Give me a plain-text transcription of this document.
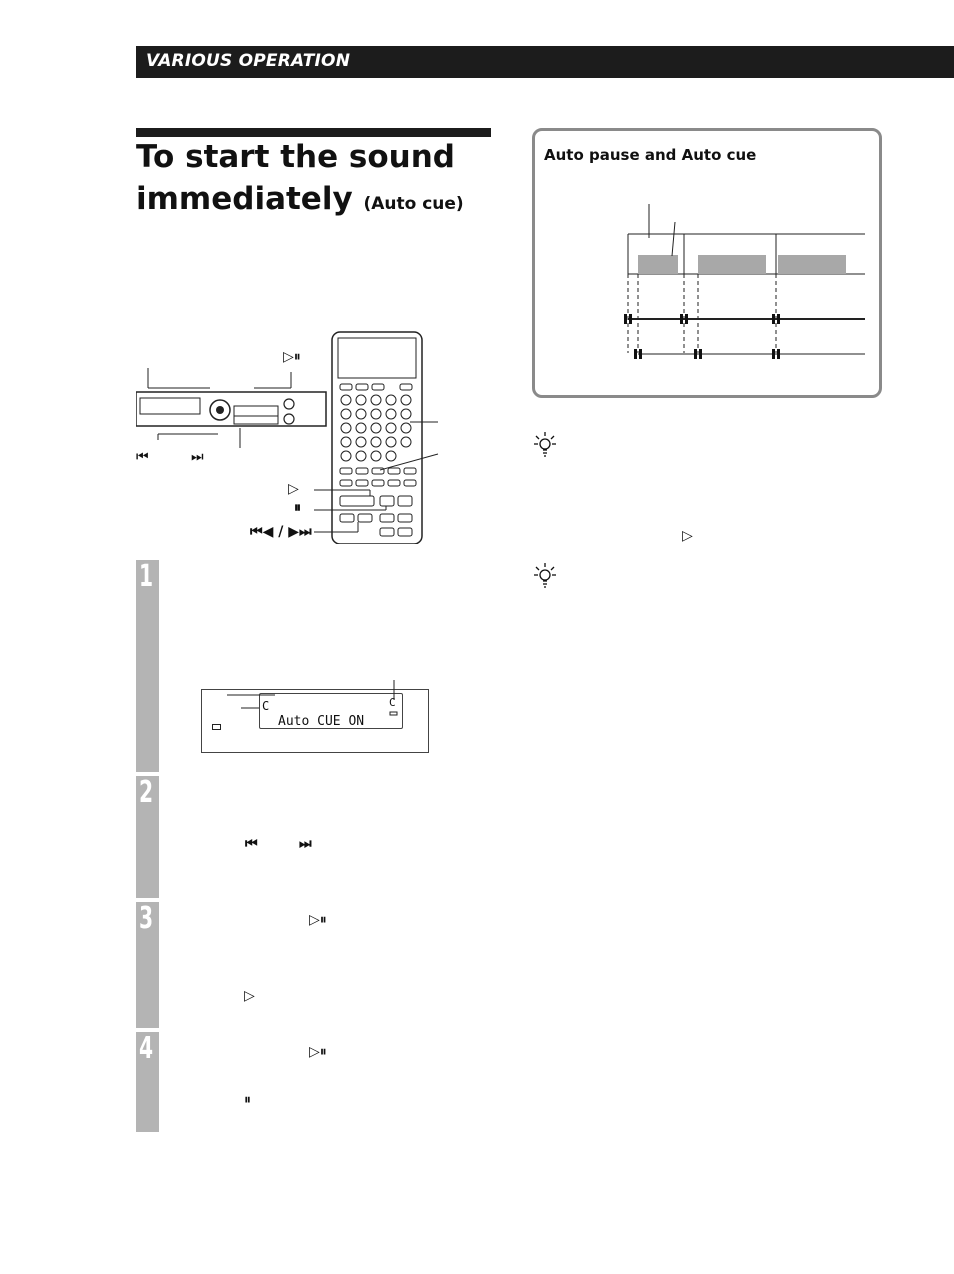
VARIOUS OPERATION
To start the sound
immediately (Auto cue)
Auto pause and Auto cue
▷
▷⏸
⏮	⏭
▷
⏸
⏮◀ / ▶⏭
1
2
3
4
C	C
Auto CUE ON
⏮	⏭
▷⏸
▷
▷⏸
⏸
